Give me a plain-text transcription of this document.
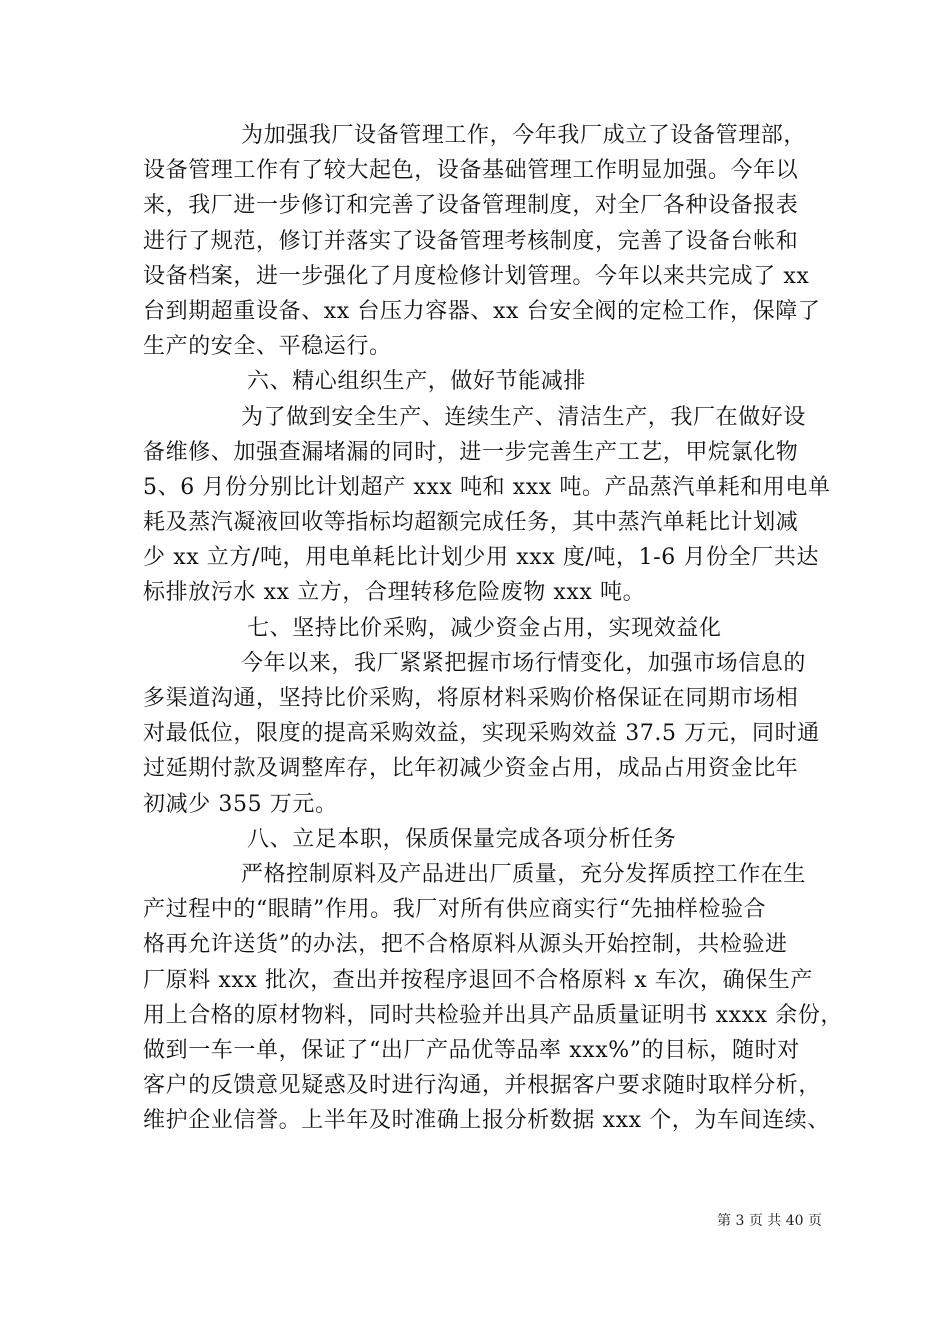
为加强我厂设备管理工作，今年我厂成立了设备管理部，
设备管理工作有了较大起色，设备基础管理工作明显加强。今年以
来，我厂进一步修订和完善了设备管理制度，对全厂各种设备报表
进行了规范，修订并落实了设备管理考核制度，完善了设备台帐和
设备档案，进一步强化了月度检修计划管理。今年以来共完成了 xx
台到期超重设备、xx 台压力容器、xx 台安全阀的定检工作，保障了
生产的安全、平稳运行。
六、精心组织生产，做好节能减排
为了做到安全生产、连续生产、清洁生产，我厂在做好设
备维修、加强查漏堵漏的同时，进一步完善生产工艺，甲烷氯化物
5、6 月份分别比计划超产 xxx 吨和 xxx 吨。产品蒸汽单耗和用电单
耗及蒸汽凝液回收等指标均超额完成任务，其中蒸汽单耗比计划减
少 xx 立方/吨，用电单耗比计划少用 xxx 度/吨，1-6 月份全厂共达
标排放污水 xx 立方，合理转移危险废物 xxx 吨。
七、坚持比价采购，减少资金占用，实现效益化
今年以来，我厂紧紧把握市场行情变化，加强市场信息的
多渠道沟通，坚持比价采购，将原材料采购价格保证在同期市场相
对最低位，限度的提高采购效益，实现采购效益 37.5 万元，同时通
过延期付款及调整库存，比年初减少资金占用，成品占用资金比年
初减少 355 万元。
八、立足本职，保质保量完成各项分析任务
严格控制原料及产品进出厂质量，充分发挥质控工作在生
产过程中的“眼睛”作用。我厂对所有供应商实行“先抽样检验合
格再允许送货”的办法，把不合格原料从源头开始控制，共检验进
厂原料 xxx 批次，查出并按程序退回不合格原料 x 车次，确保生产
用上合格的原材物料，同时共检验并出具产品质量证明书 xxxx 余份，
做到一车一单，保证了“出厂产品优等品率 xxx%”的目标，随时对
客户的反馈意见疑惑及时进行沟通，并根据客户要求随时取样分析，
维护企业信誉。上半年及时准确上报分析数据 xxx 个，为车间连续、
第 3 页 共 40 页
